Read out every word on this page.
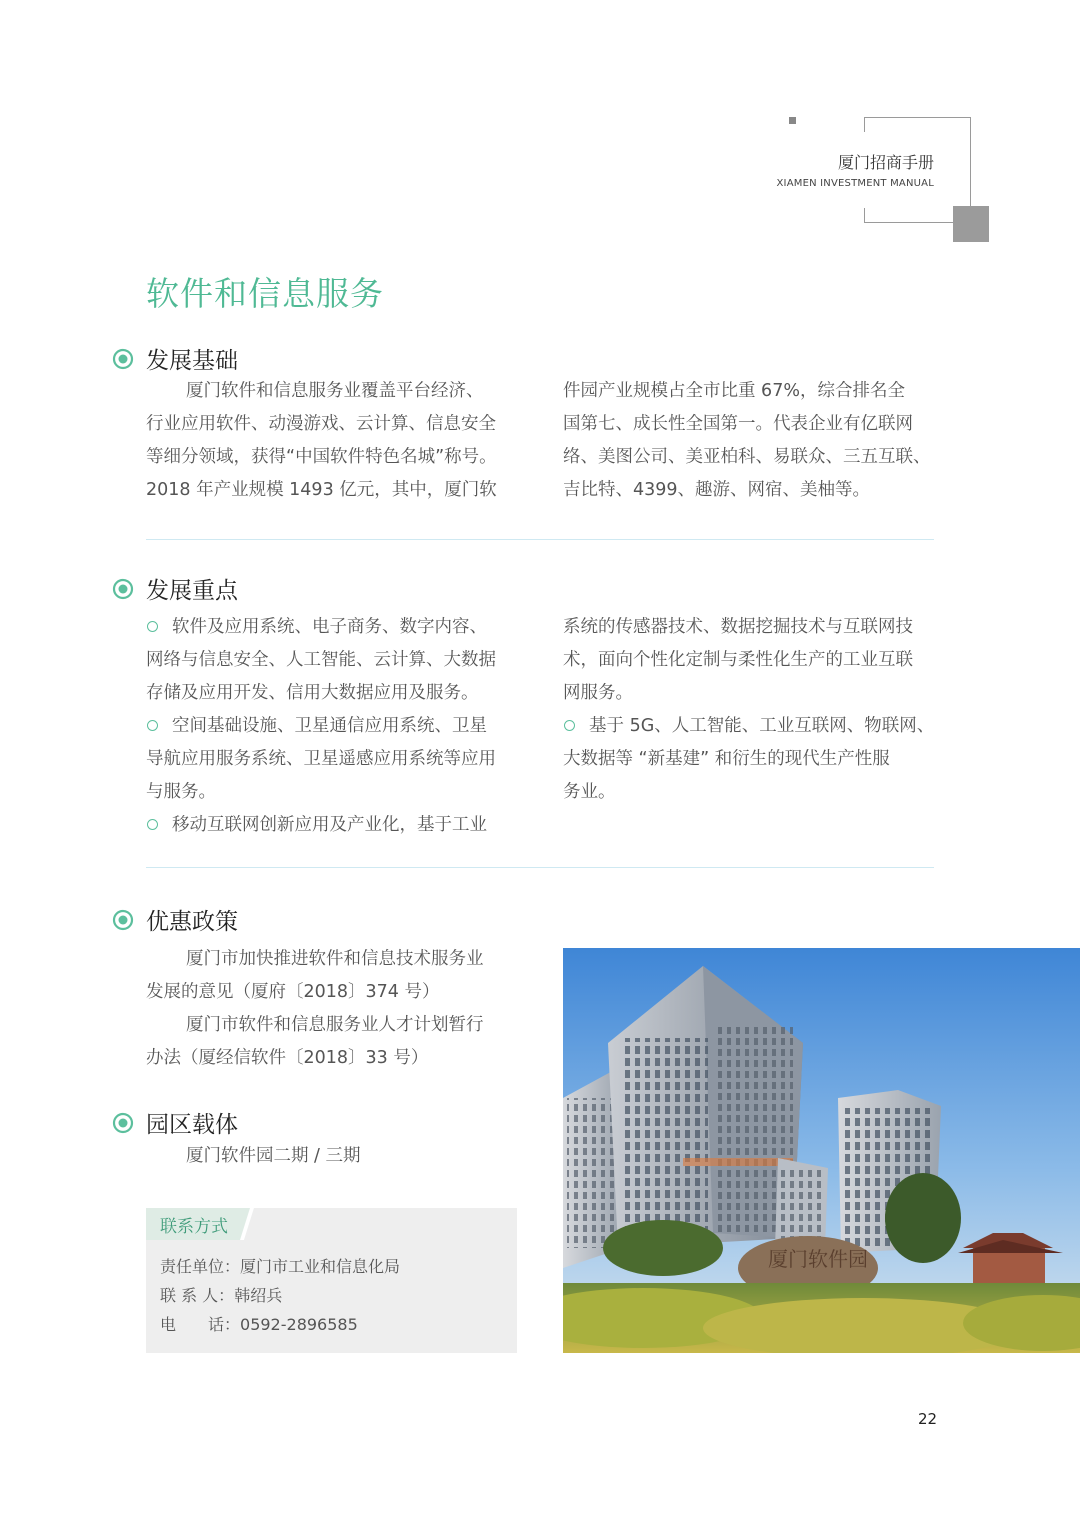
厦门招商手册
XIAMEN INVESTMENT MANUAL
软件和信息服务
发展基础

厦门软件和信息服务业覆盖平台经济、

行业应用软件、动漫游戏、云计算、信息安全

等细分领域，获得“中国软件特色名城”称号。

2018 年产业规模 1493 亿元，其中，厦门软

件园产业规模占全市比重 67%，综合排名全

国第七、成长性全国第一。代表企业有亿联网

络、美图公司、美亚柏科、易联众、三五互联、

吉比特、4399、趣游、网宿、美柚等。

发展重点

软件及应用系统、电子商务、数字内容、

网络与信息安全、人工智能、云计算、大数据

存储及应用开发、信用大数据应用及服务。

空间基础设施、卫星通信应用系统、卫星

导航应用服务系统、卫星遥感应用系统等应用

与服务。

移动互联网创新应用及产业化，基于工业

系统的传感器技术、数据挖掘技术与互联网技

术，面向个性化定制与柔性化生产的工业互联

网服务。

基于 5G、人工智能、工业互联网、物联网、

大数据等 “新基建” 和衍生的现代生产性服

务业。

优惠政策

厦门市加快推进软件和信息技术服务业

发展的意见（厦府〔2018〕374 号）

厦门市软件和信息服务业人才计划暂行

办法（厦经信软件〔2018〕33 号）

园区载体

厦门软件园二期 / 三期

联系方式
责任单位：厦门市工业和信息化局
联 系 人：韩绍兵
电　　话：0592-2896585
厦门软件园
22
